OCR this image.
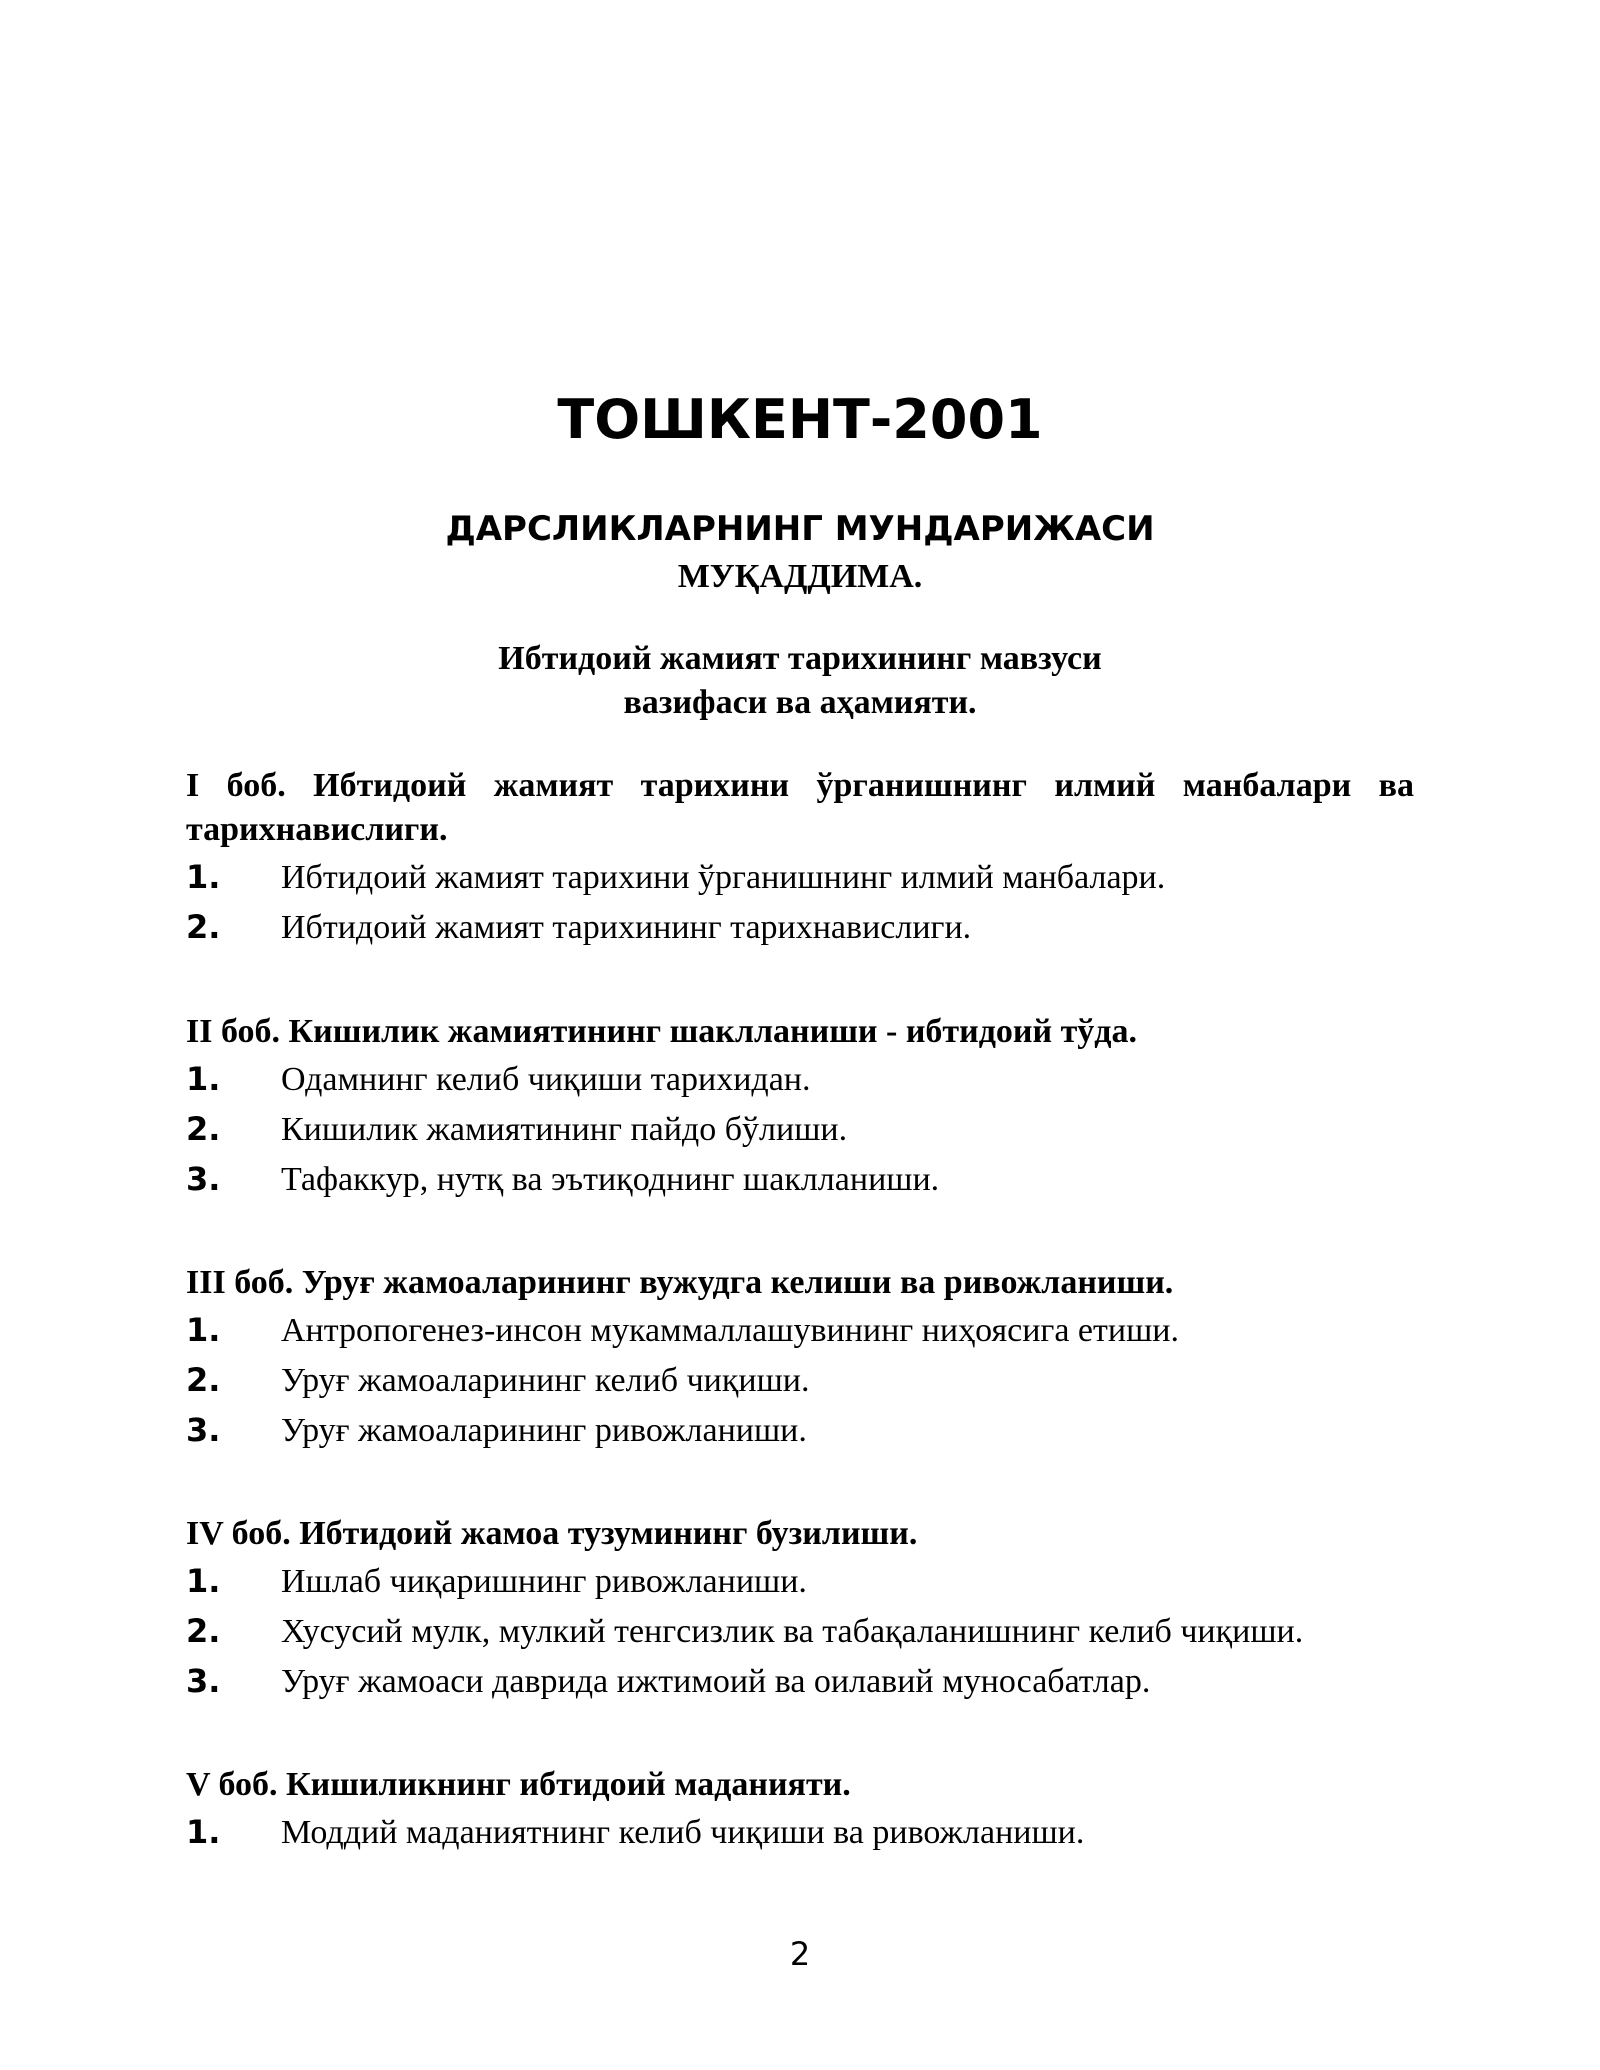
ТОШКЕНТ-2001
ДАРСЛИКЛАРНИНГ МУНДАРИЖАСИ
МУҚАДДИМА.
Ибтидоий жамият тарихининг мавзуси
вазифаси ва аҳамияти.

I боб. Ибтидоий жамият тарихини ўрганишнинг илмий манбалари ва тарихнавислиги.

1.	Ибтидоий жамият тарихини ўрганишнинг илмий манбалари.
2.	Ибтидоий жамият тарихининг тарихнавислиги.

II боб. Кишилик жамиятининг шаклланиши - ибтидоий тўда.

1.	Одамнинг келиб чиқиши тарихидан.
2.	Кишилик жамиятининг пайдо бўлиши.
3.	Тафаккур, нутқ ва эътиқоднинг шаклланиши.

III боб. Уруғ жамоаларининг вужудга келиши ва ривожланиши.

1.	Антропогенез-инсон мукаммаллашувининг ниҳоясига етиши.
2.	Уруғ жамоаларининг келиб чиқиши.
3.	Уруғ жамоаларининг ривожланиши.

IV боб. Ибтидоий жамоа тузумининг бузилиши.

1.	Ишлаб чиқаришнинг ривожланиши.
2.	Хусусий мулк, мулкий тенгсизлик ва табақаланишнинг келиб чиқиши.
3.	Уруғ жамоаси даврида ижтимоий ва оилавий муносабатлар.

V боб. Кишиликнинг ибтидоий маданияти.

1.	Моддий маданиятнинг келиб чиқиши ва ривожланиши.
2
